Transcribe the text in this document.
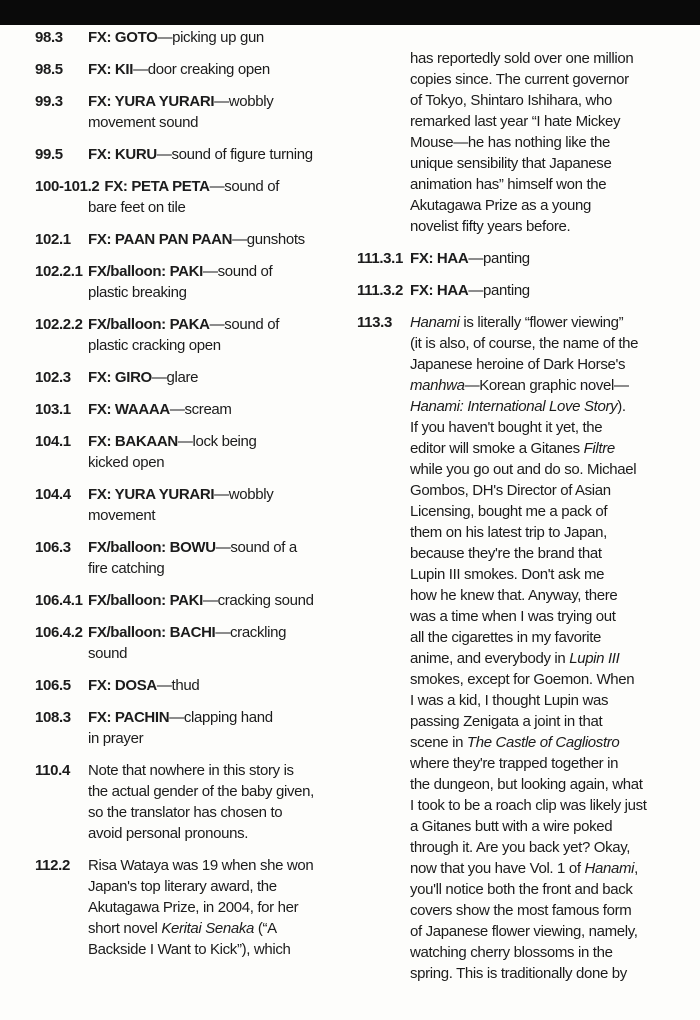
98.3 FX: GOTO—picking up gun
98.5 FX: KII—door creaking open
99.3 FX: YURA YURARI—wobbly
movement sound
99.5 FX: KURU—sound of figure turning
100-101.2 FX: PETA PETA—sound of
bare feet on tile
102.1 FX: PAAN PAN PAAN—gunshots
102.2.1 FX/balloon: PAKI—sound of
plastic breaking
102.2.2 FX/balloon: PAKA—sound of
plastic cracking open
102.3 FX: GIRO—glare
103.1 FX: WAAAA—scream
104.1 FX: BAKAAN—lock being
kicked open
104.4 FX: YURA YURARI—wobbly
movement
106.3 FX/balloon: BOWU—sound of a
fire catching
106.4.1 FX/balloon: PAKI—cracking sound
106.4.2 FX/balloon: BACHI—crackling
sound
106.5 FX: DOSA—thud
108.3 FX: PACHIN—clapping hand
in prayer
110.4 Note that nowhere in this story is
the actual gender of the baby given,
so the translator has chosen to
avoid personal pronouns.
112.2 Risa Wataya was 19 when she won
Japan's top literary award, the
Akutagawa Prize, in 2004, for her
short novel Keritai Senaka (“A
Backside I Want to Kick”), which
has reportedly sold over one million
copies since. The current governor
of Tokyo, Shintaro Ishihara, who
remarked last year “I hate Mickey
Mouse—he has nothing like the
unique sensibility that Japanese
animation has” himself won the
Akutagawa Prize as a young
novelist fifty years before.
111.3.1 FX: HAA—panting
111.3.2 FX: HAA—panting
113.3 Hanami is literally “flower viewing”
(it is also, of course, the name of the
Japanese heroine of Dark Horse's
manhwa—Korean graphic novel—
Hanami: International Love Story).
If you haven't bought it yet, the
editor will smoke a Gitanes Filtre
while you go out and do so. Michael
Gombos, DH's Director of Asian
Licensing, bought me a pack of
them on his latest trip to Japan,
because they're the brand that
Lupin III smokes. Don't ask me
how he knew that. Anyway, there
was a time when I was trying out
all the cigarettes in my favorite
anime, and everybody in Lupin III
smokes, except for Goemon. When
I was a kid, I thought Lupin was
passing Zenigata a joint in that
scene in The Castle of Cagliostro
where they're trapped together in
the dungeon, but looking again, what
I took to be a roach clip was likely just
a Gitanes butt with a wire poked
through it. Are you back yet? Okay,
now that you have Vol. 1 of Hanami,
you'll notice both the front and back
covers show the most famous form
of Japanese flower viewing, namely,
watching cherry blossoms in the
spring. This is traditionally done by
